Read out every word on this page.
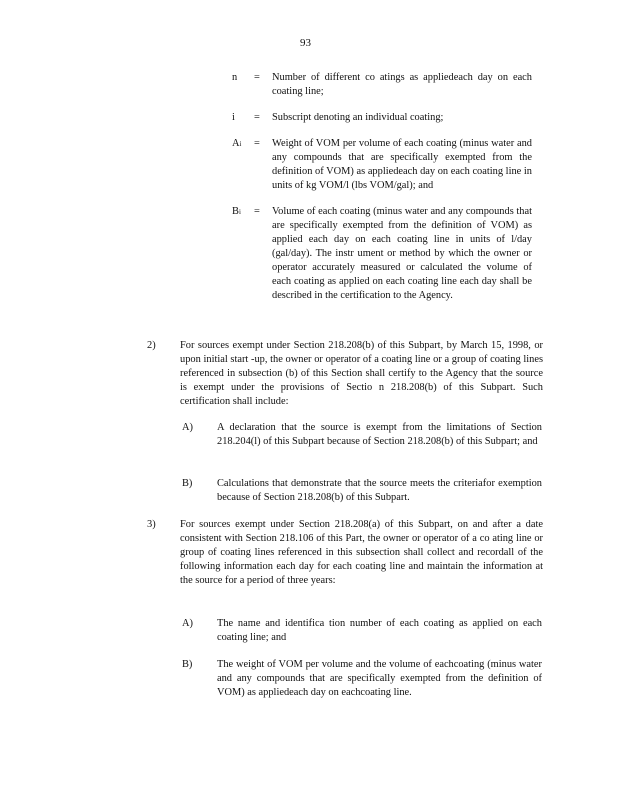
93
n	=	Number of different co atings as appliedeach day on each coating line;
i	=	Subscript denoting an individual coating;
Ai	=	Weight of VOM per volume of each coating (minus water and any compounds that are specifically exempted from the definition of VOM) as appliedeach day on each coating line in units of kg VOM/l (lbs VOM/gal); and
Bi	=	Volume of each coating (minus water and any compounds that are specifically exempted from the definition of VOM) as applied each day on each coating line in units of l/day (gal/day). The instr ument or method by which the owner or operator accurately measured or calculated the volume of each coating as applied on each coating line each day shall be described in the certification to the Agency.
2)	For sources exempt under Section 218.208(b) of this Subpart, by March 15, 1998, or upon initial start -up, the owner or operator of a coating line or a group of coating lines referenced in subsection (b) of this Section shall certify to the Agency that the source is exempt under the provisions of Sectio n 218.208(b) of this Subpart. Such certification shall include:
A)	A declaration that the source is exempt from the limitations of Section 218.204(l) of this Subpart because of Section 218.208(b) of this Subpart; and
B)	Calculations that demonstrate that the source meets the criteriafor exemption because of Section 218.208(b) of this Subpart.
3)	For sources exempt under Section 218.208(a) of this Subpart, on and after a date consistent with Section 218.106 of this Part, the owner or operator of a co ating line or group of coating lines referenced in this subsection shall collect and recordall of the following information each day for each coating line and maintain the information at the source for a period of three years:
A)	The name and identifica tion number of each coating as applied on each coating line; and
B)	The weight of VOM per volume and the volume of eachcoating (minus water and any compounds that are specifically exempted from the definition of VOM) as appliedeach day on eachcoating line.
